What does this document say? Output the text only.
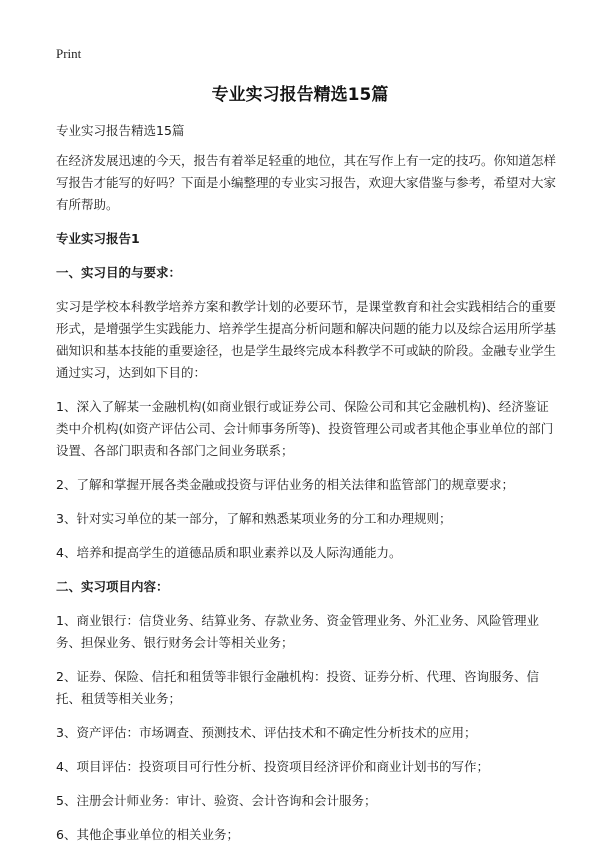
Print
专业实习报告精选15篇

专业实习报告精选15篇

在经济发展迅速的今天，报告有着举足轻重的地位，其在写作上有一定的技巧。你知道怎样写报告才能写的好吗？下面是小编整理的专业实习报告，欢迎大家借鉴与参考，希望对大家有所帮助。

专业实习报告1

一、实习目的与要求：

实习是学校本科教学培养方案和教学计划的必要环节，是课堂教育和社会实践相结合的重要形式，是增强学生实践能力、培养学生提高分析问题和解决问题的能力以及综合运用所学基础知识和基本技能的重要途径，也是学生最终完成本科教学不可或缺的阶段。金融专业学生通过实习，达到如下目的：

1、深入了解某一金融机构(如商业银行或证券公司、保险公司和其它金融机构)、经济鉴证类中介机构(如资产评估公司、会计师事务所等)、投资管理公司或者其他企事业单位的部门设置、各部门职责和各部门之间业务联系；

2、了解和掌握开展各类金融或投资与评估业务的相关法律和监管部门的规章要求；

3、针对实习单位的某一部分，了解和熟悉某项业务的分工和办理规则；

4、培养和提高学生的道德品质和职业素养以及人际沟通能力。

二、实习项目内容：

1、商业银行：信贷业务、结算业务、存款业务、资金管理业务、外汇业务、风险管理业务、担保业务、银行财务会计等相关业务；

2、证券、保险、信托和租赁等非银行金融机构：投资、证券分析、代理、咨询服务、信托、租赁等相关业务；

3、资产评估：市场调查、预测技术、评估技术和不确定性分析技术的应用；

4、项目评估：投资项目可行性分析、投资项目经济评价和商业计划书的写作；

5、注册会计师业务：审计、验资、会计咨询和会计服务；

6、其他企事业单位的相关业务；
